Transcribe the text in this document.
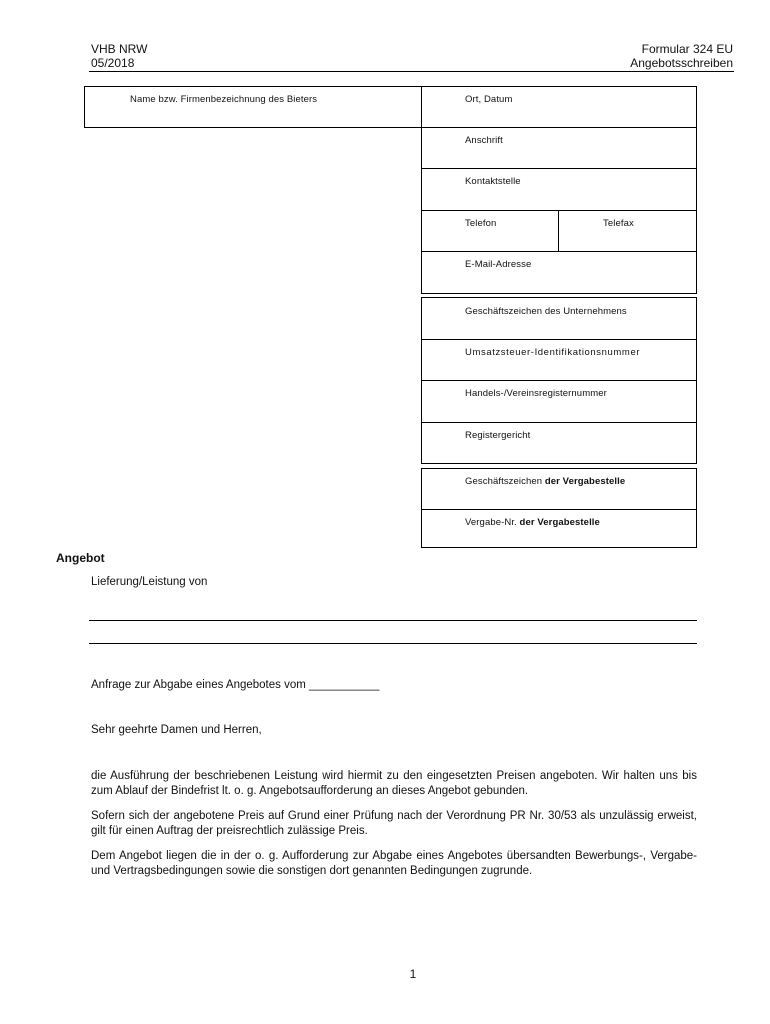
VHB NRW
05/2018
Formular 324 EU
Angebotsschreiben
Name bzw. Firmenbezeichnung des Bieters	Ort, Datum
Anschrift
Kontaktstelle
Telefon	Telefax
E-Mail-Adresse
Geschäftszeichen des Unternehmens
Umsatzsteuer-Identifikationsnummer
Handels-/Vereinsregisternummer
Registergericht
Geschäftszeichen der Vergabestelle
Vergabe-Nr. der Vergabestelle
Angebot
Lieferung/Leistung von
Anfrage zur Abgabe eines Angebotes vom ___________
Sehr geehrte Damen und Herren,
die Ausführung der beschriebenen Leistung wird hiermit zu den eingesetzten Preisen angeboten. Wir halten uns bis zum Ablauf der Bindefrist lt. o. g. Angebotsaufforderung an dieses Angebot gebunden.
Sofern sich der angebotene Preis auf Grund einer Prüfung nach der Verordnung PR Nr. 30/53 als unzulässig erweist, gilt für einen Auftrag der preisrechtlich zulässige Preis.
Dem Angebot liegen die in der o. g. Aufforderung zur Abgabe eines Angebotes übersandten Bewerbungs-, Vergabe- und Vertragsbedingungen sowie die sonstigen dort genannten Bedingungen zugrunde.
1
